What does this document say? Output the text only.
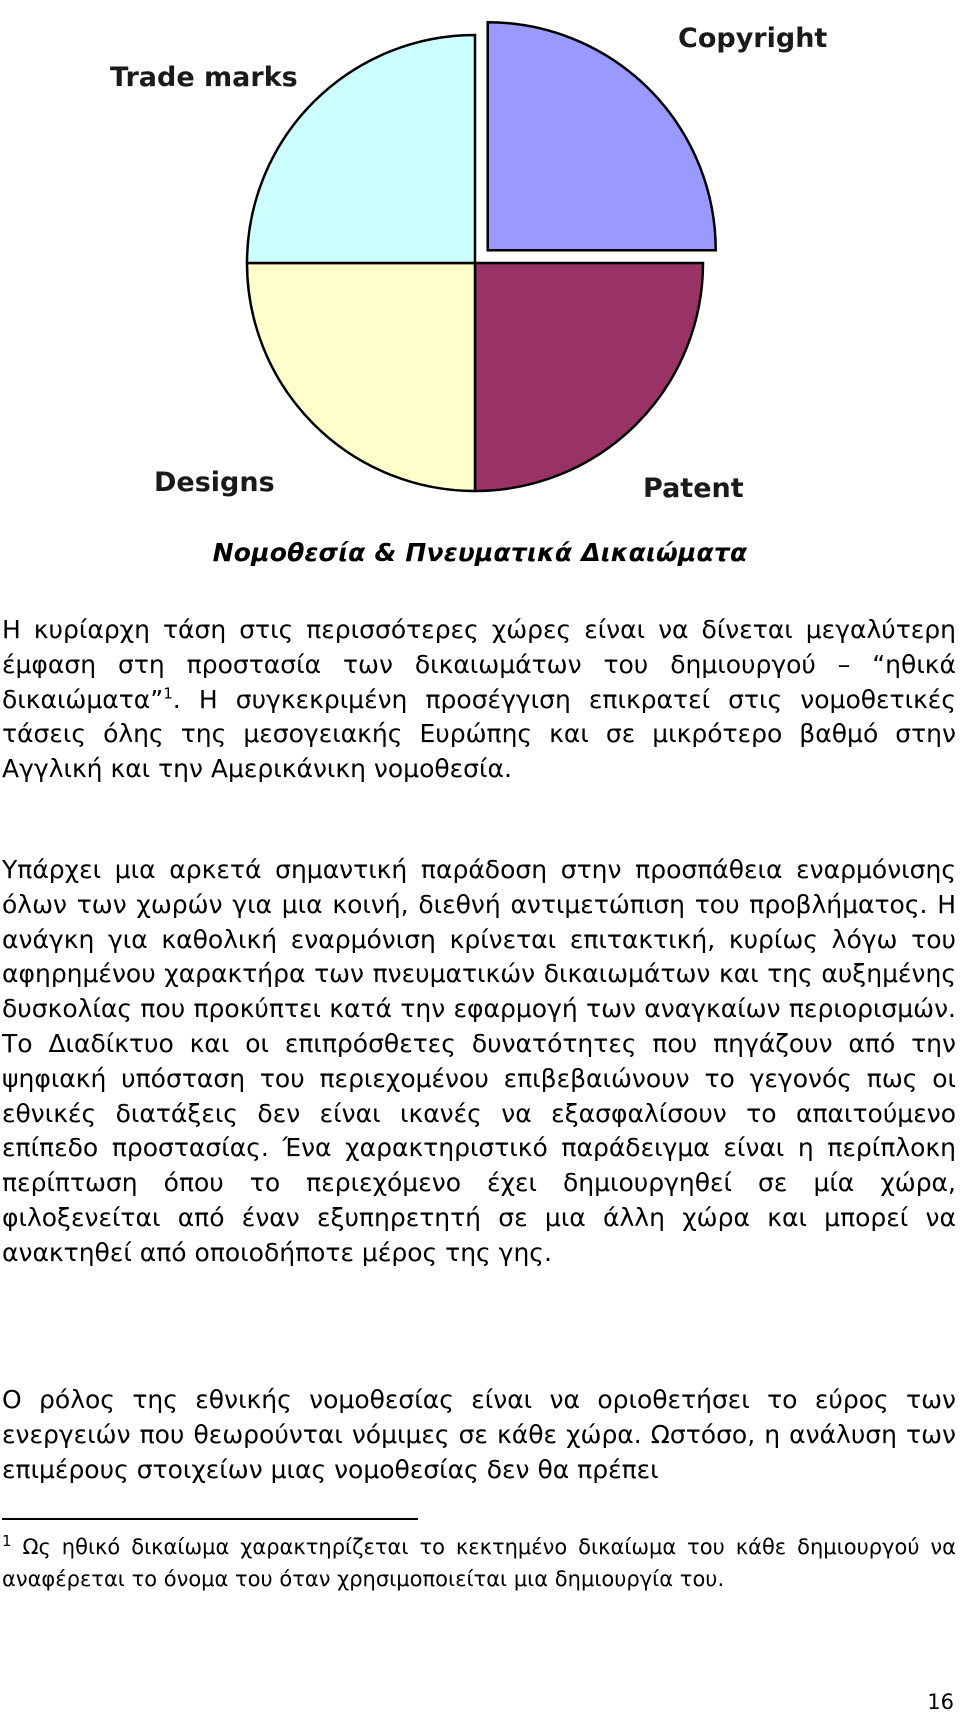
Copyright
Patent
Designs
Trade marks
Νομοθεσία & Πνευματικά Δικαιώματα

Η κυρίαρχη τάση στις περισσότερες χώρες είναι να δίνεται μεγαλύτερη έμφαση στη προστασία των δικαιωμάτων του δημιουργού – “ηθικά δικαιώματα”$^1$. Η συγκεκριμένη προσέγγιση επικρατεί στις νομοθετικές τάσεις όλης της μεσογειακής Ευρώπης και σε μικρότερο βαθμό στην Αγγλική και την Αμερικάνικη νομοθεσία.

Υπάρχει μια αρκετά σημαντική παράδοση στην προσπάθεια εναρμόνισης όλων των χωρών για μια κοινή, διεθνή αντιμετώπιση του προβλήματος. Η ανάγκη για καθολική εναρμόνιση κρίνεται επιτακτική, κυρίως λόγω του αφηρημένου χαρακτήρα των πνευματικών δικαιωμάτων και της αυξημένης δυσκολίας που προκύπτει κατά την εφαρμογή των αναγκαίων περιορισμών. Το Διαδίκτυο και οι επιπρόσθετες δυνατότητες που πηγάζουν από την ψηφιακή υπόσταση του περιεχομένου επιβεβαιώνουν το γεγονός πως οι εθνικές διατάξεις δεν είναι ικανές να εξασφαλίσουν το απαιτούμενο επίπεδο προστασίας. Ένα χαρακτηριστικό παράδειγμα είναι η περίπλοκη περίπτωση όπου το περιεχόμενο έχει δημιουργηθεί σε μία χώρα, φιλοξενείται από έναν εξυπηρετητή σε μια άλλη χώρα και μπορεί να ανακτηθεί από οποιοδήποτε μέρος της γης.

Ο ρόλος της εθνικής νομοθεσίας είναι να οριοθετήσει το εύρος των ενεργειών που θεωρούνται νόμιμες σε κάθε χώρα. Ωστόσο, η ανάλυση των επιμέρους στοιχείων μιας νομοθεσίας δεν θα πρέπει

$^1$ Ως ηθικό δικαίωμα χαρακτηρίζεται το κεκτημένο δικαίωμα του κάθε δημιουργού να αναφέρεται το όνομα του όταν χρησιμοποιείται μια δημιουργία του.

16
